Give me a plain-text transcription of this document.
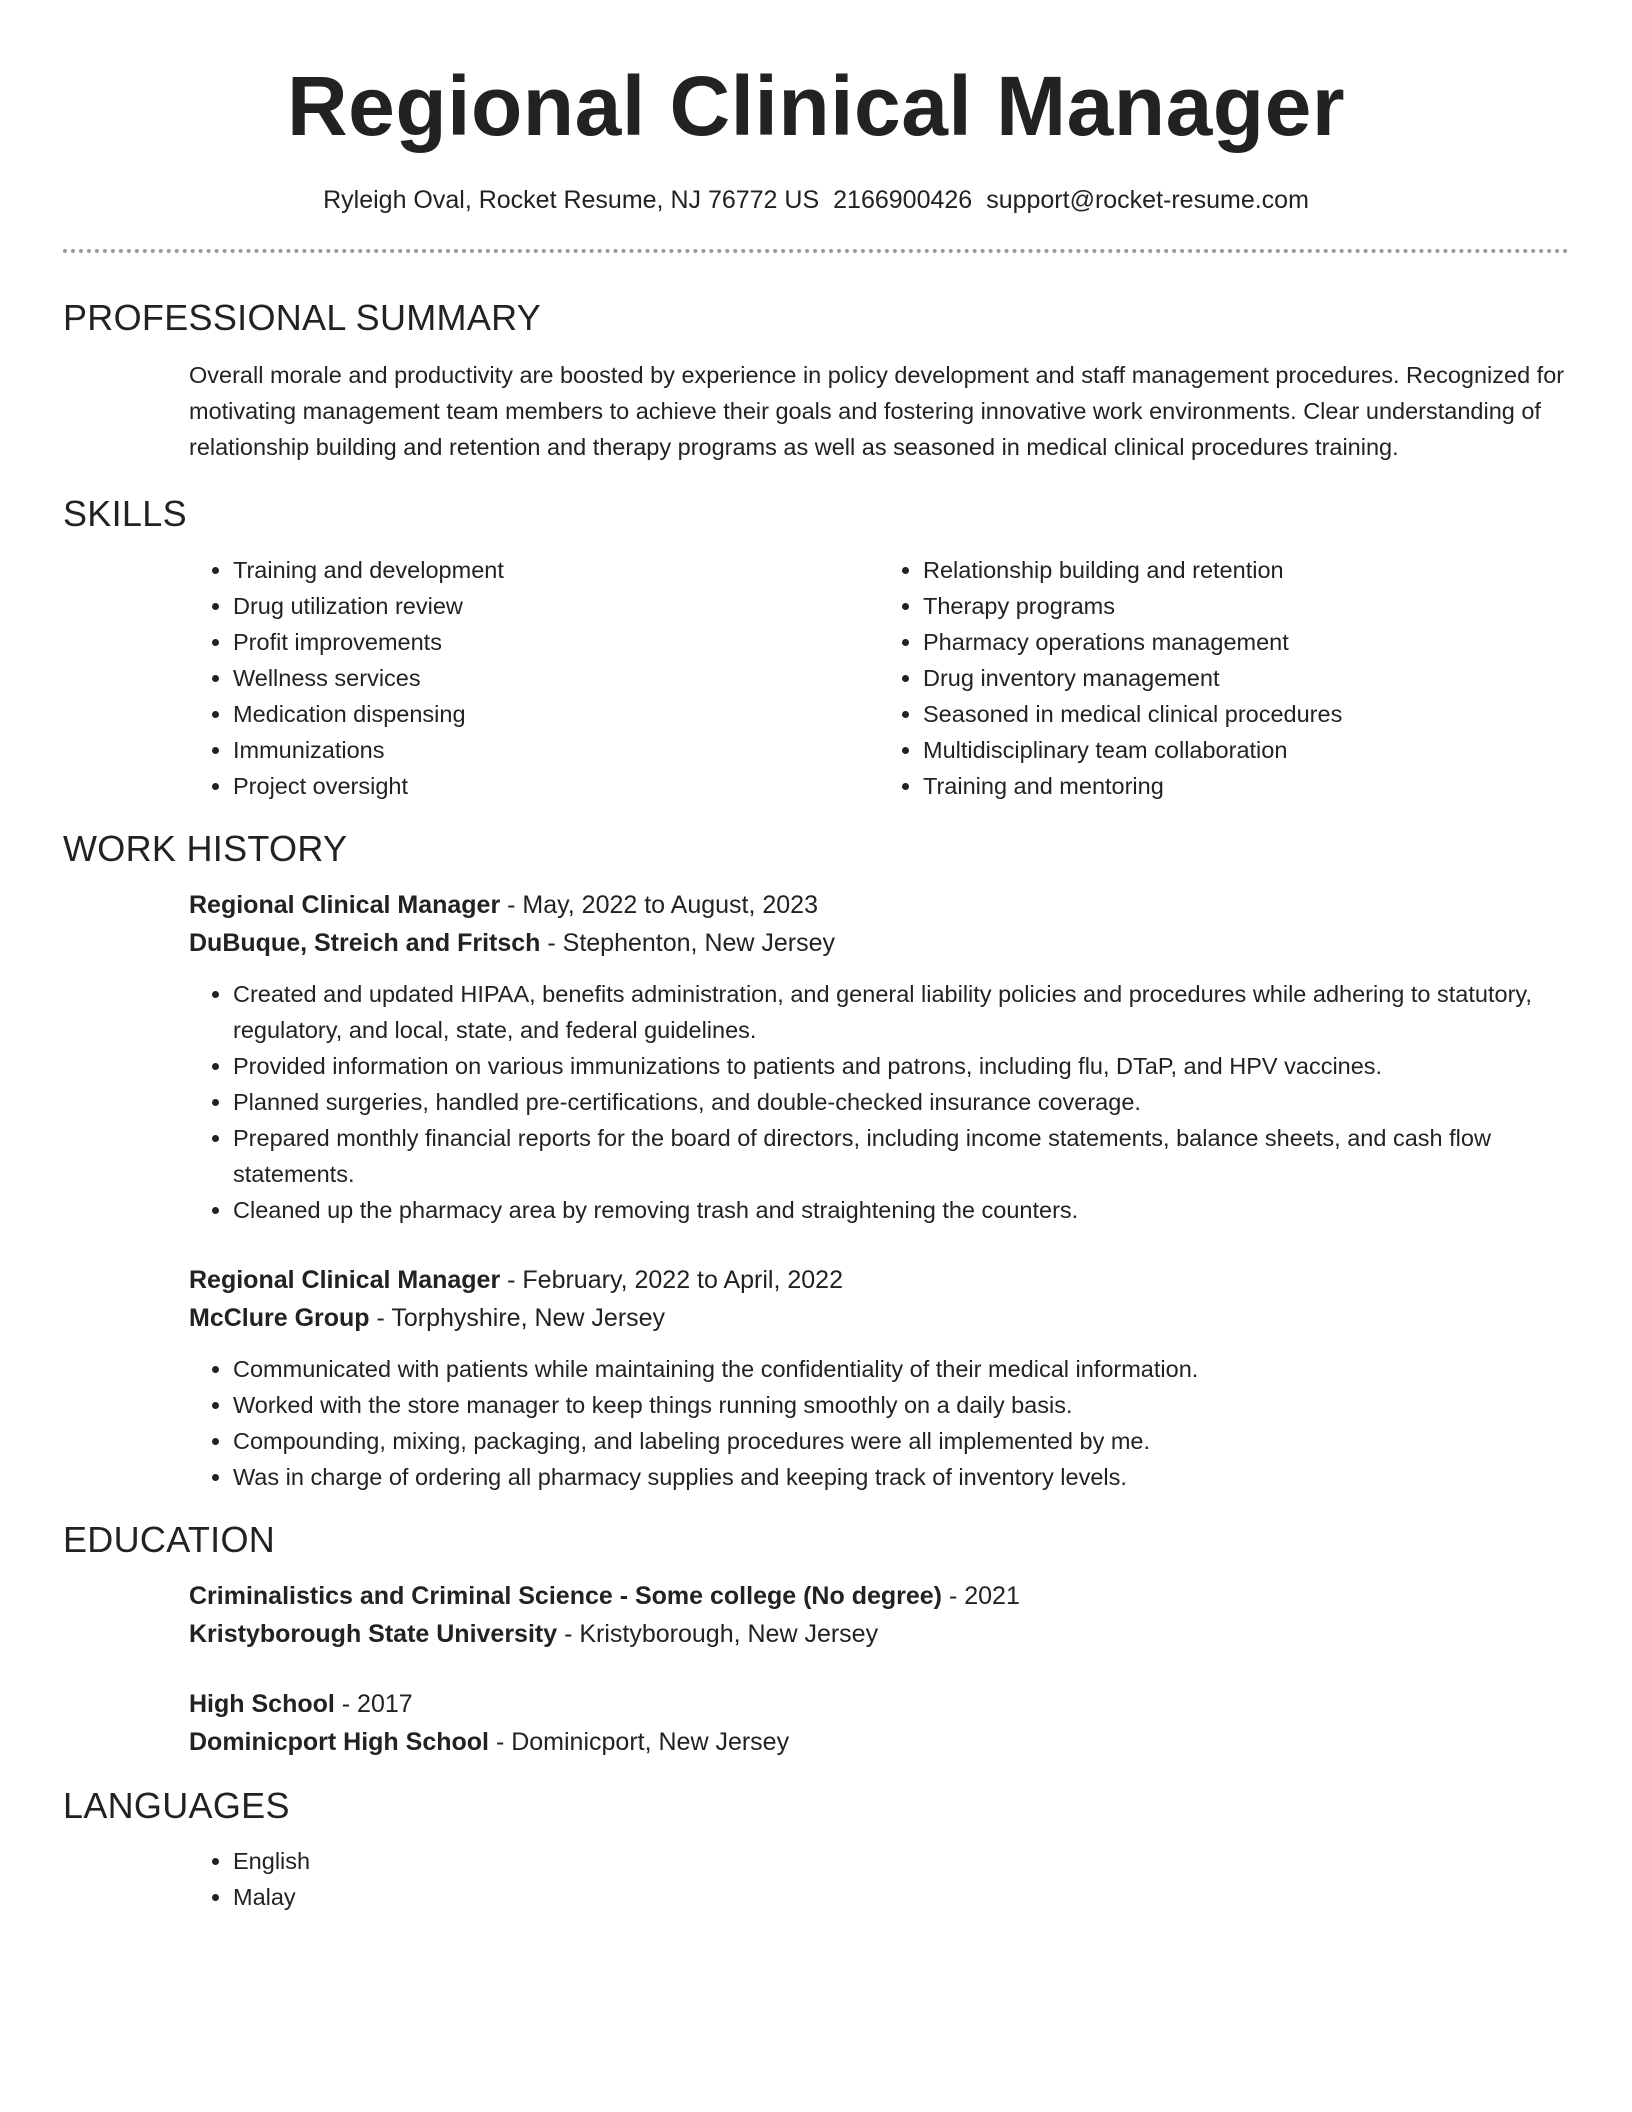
Regional Clinical Manager
Ryleigh Oval, Rocket Resume, NJ 76772 US 2166900426 support@rocket-resume.com
PROFESSIONAL SUMMARY

Overall morale and productivity are boosted by experience in policy development and staff management procedures. Recognized for motivating management team members to achieve their goals and fostering innovative work environments. Clear understanding of relationship building and retention and therapy programs as well as seasoned in medical clinical procedures training.

SKILLS
• Training and development
• Drug utilization review
• Profit improvements
• Wellness services
• Medication dispensing
• Immunizations
• Project oversight
• Relationship building and retention
• Therapy programs
• Pharmacy operations management
• Drug inventory management
• Seasoned in medical clinical procedures
• Multidisciplinary team collaboration
• Training and mentoring
WORK HISTORY
Regional Clinical Manager - May, 2022 to August, 2023
DuBuque, Streich and Fritsch - Stephenton, New Jersey
• Created and updated HIPAA, benefits administration, and general liability policies and procedures while adhering to statutory, regulatory, and local, state, and federal guidelines.
• Provided information on various immunizations to patients and patrons, including flu, DTaP, and HPV vaccines.
• Planned surgeries, handled pre-certifications, and double-checked insurance coverage.
• Prepared monthly financial reports for the board of directors, including income statements, balance sheets, and cash flow statements.
• Cleaned up the pharmacy area by removing trash and straightening the counters.
Regional Clinical Manager - February, 2022 to April, 2022
McClure Group - Torphyshire, New Jersey
• Communicated with patients while maintaining the confidentiality of their medical information.
• Worked with the store manager to keep things running smoothly on a daily basis.
• Compounding, mixing, packaging, and labeling procedures were all implemented by me.
• Was in charge of ordering all pharmacy supplies and keeping track of inventory levels.
EDUCATION
Criminalistics and Criminal Science - Some college (No degree) - 2021
Kristyborough State University - Kristyborough, New Jersey
High School - 2017
Dominicport High School - Dominicport, New Jersey
LANGUAGES
• English
• Malay
